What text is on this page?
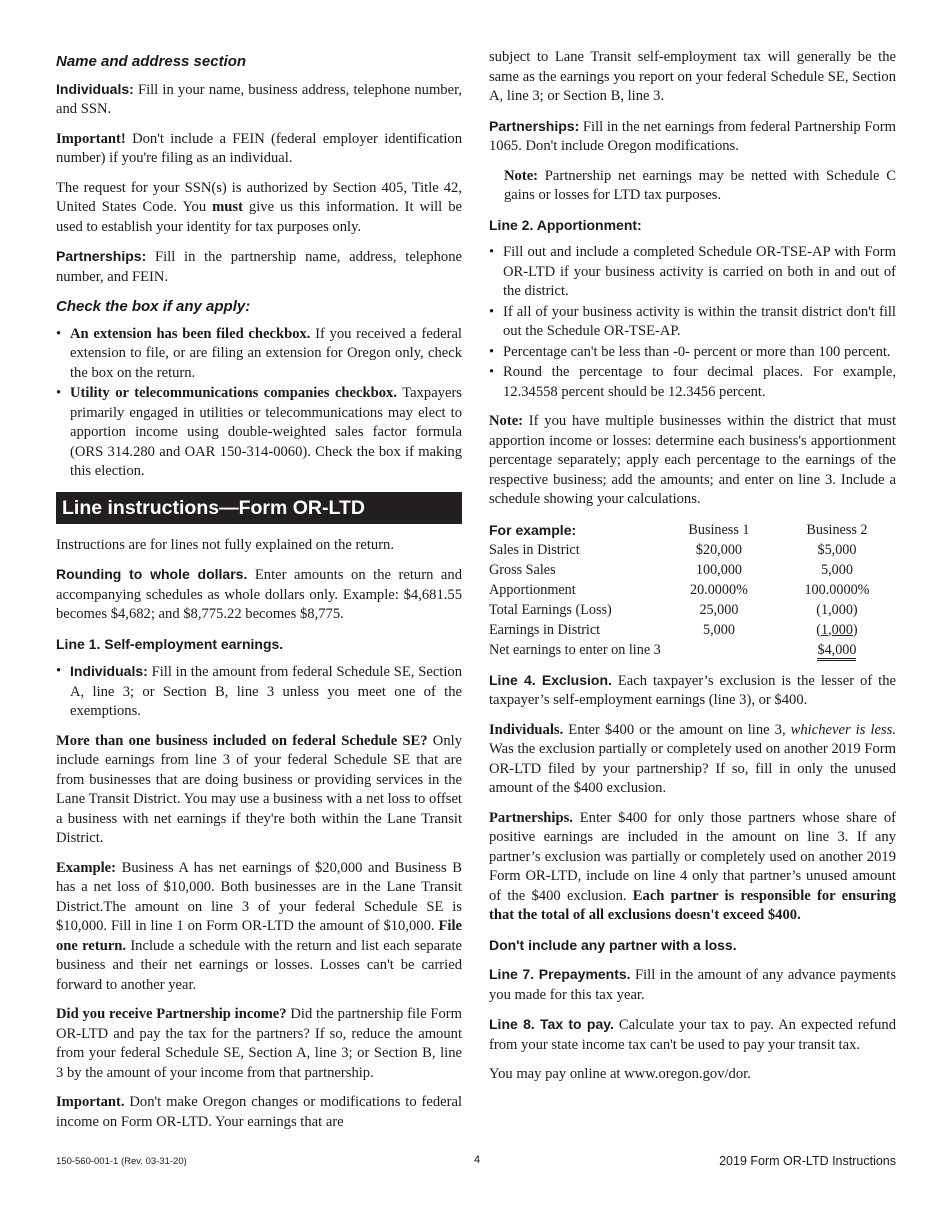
Name and address section

Individuals: Fill in your name, business address, telephone number, and SSN.

Important! Don't include a FEIN (federal employer identification number) if you're filing as an individual.

The request for your SSN(s) is authorized by Section 405, Title 42, United States Code. You must give us this information. It will be used to establish your identity for tax purposes only.

Partnerships: Fill in the partnership name, address, telephone number, and FEIN.

Check the box if any apply:
• An extension has been filed checkbox. If you received a federal extension to file, or are filing an extension for Oregon only, check the box on the return.
• Utility or telecommunications companies checkbox. Taxpayers primarily engaged in utilities or telecommunications may elect to apportion income using double-weighted sales factor formula (ORS 314.280 and OAR 150-314-0060). Check the box if making this election.
Line instructions—Form OR-LTD

Instructions are for lines not fully explained on the return.

Rounding to whole dollars. Enter amounts on the return and accompanying schedules as whole dollars only. Example: $4,681.55 becomes $4,682; and $8,775.22 becomes $8,775.

Line 1. Self-employment earnings.
• Individuals: Fill in the amount from federal Schedule SE, Section A, line 3; or Section B, line 3 unless you meet one of the exemptions.

More than one business included on federal Schedule SE? Only include earnings from line 3 of your federal Schedule SE that are from businesses that are doing business or providing services in the Lane Transit District. You may use a business with a net loss to offset a business with net earnings if they're both within the Lane Transit District.

Example: Business A has net earnings of $20,000 and Business B has a net loss of $10,000. Both businesses are in the Lane Transit District.The amount on line 3 of your federal Schedule SE is $10,000. Fill in line 1 on Form OR-LTD the amount of $10,000. File one return. Include a schedule with the return and list each separate business and their net earnings or losses. Losses can't be carried forward to another year.

Did you receive Partnership income? Did the partnership file Form OR-LTD and pay the tax for the partners? If so, reduce the amount from your federal Schedule SE, Section A, line 3; or Section B, line 3 by the amount of your income from that partnership.

Important. Don't make Oregon changes or modifications to federal income on Form OR-LTD. Your earnings that are

subject to Lane Transit self-employment tax will generally be the same as the earnings you report on your federal Schedule SE, Section A, line 3; or Section B, line 3.

Partnerships: Fill in the net earnings from federal Partnership Form 1065. Don't include Oregon modifications.

Note: Partnership net earnings may be netted with Schedule C gains or losses for LTD tax purposes.

Line 2. Apportionment:
• Fill out and include a completed Schedule OR-TSE-AP with Form OR-LTD if your business activity is carried on both in and out of the district.
• If all of your business activity is within the transit district don't fill out the Schedule OR-TSE-AP.
• Percentage can't be less than -0- percent or more than 100 percent.
• Round the percentage to four decimal places. For example, 12.34558 percent should be 12.3456 percent.

Note: If you have multiple businesses within the district that must apportion income or losses: determine each business's apportionment percentage separately; apply each percentage to the earnings of the respective business; add the amounts; and enter on line 3. Include a schedule showing your calculations.

For example:	Business 1	Business 2
Sales in District	$20,000	$5,000
Gross Sales	100,000	5,000
Apportionment	20.0000%	100.0000%
Total Earnings (Loss)	25,000	(1,000)
Earnings in District	5,000	(1,000)
Net earnings to enter on line 3		$4,000

Line 4. Exclusion. Each taxpayer’s exclusion is the lesser of the taxpayer’s self-employment earnings (line 3), or $400.

Individuals. Enter $400 or the amount on line 3, whichever is less. Was the exclusion partially or completely used on another 2019 Form OR-LTD filed by your partnership? If so, fill in only the unused amount of the $400 exclusion.

Partnerships. Enter $400 for only those partners whose share of positive earnings are included in the amount on line 3. If any partner’s exclusion was partially or completely used on another 2019 Form OR-LTD, include on line 4 only that partner’s unused amount of the $400 exclusion. Each partner is responsible for ensuring that the total of all exclusions doesn't exceed $400.

Don't include any partner with a loss.

Line 7. Prepayments. Fill in the amount of any advance payments you made for this tax year.

Line 8. Tax to pay. Calculate your tax to pay. An expected refund from your state income tax can't be used to pay your transit tax.

You may pay online at www.oregon.gov/dor.

150-560-001-1 (Rev. 03-31-20)	4	2019 Form OR-LTD Instructions
